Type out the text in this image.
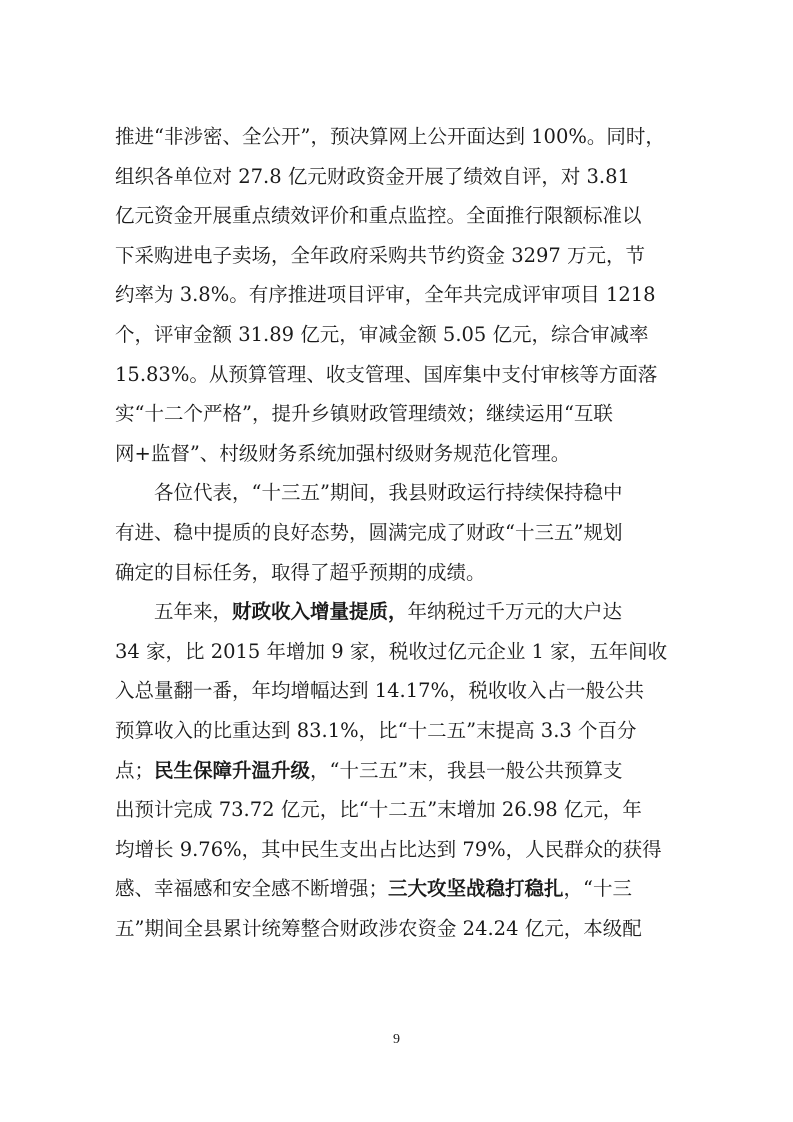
推进“非涉密、全公开”，预决算网上公开面达到 100%。同时，
组织各单位对 27.8 亿元财政资金开展了绩效自评，对 3.81
亿元资金开展重点绩效评价和重点监控。全面推行限额标准以
下采购进电子卖场，全年政府采购共节约资金 3297 万元，节
约率为 3.8%。有序推进项目评审，全年共完成评审项目 1218
个，评审金额 31.89 亿元，审减金额 5.05 亿元，综合审减率
15.83%。从预算管理、收支管理、国库集中支付审核等方面落
实“十二个严格”，提升乡镇财政管理绩效；继续运用“互联
网+监督”、村级财务系统加强村级财务规范化管理。
各位代表，“十三五”期间，我县财政运行持续保持稳中
有进、稳中提质的良好态势，圆满完成了财政“十三五”规划
确定的目标任务，取得了超乎预期的成绩。
五年来，财政收入增量提质，年纳税过千万元的大户达
34 家，比 2015 年增加 9 家，税收过亿元企业 1 家，五年间收
入总量翻一番，年均增幅达到 14.17%，税收收入占一般公共
预算收入的比重达到 83.1%，比“十二五”末提高 3.3 个百分
点；民生保障升温升级，“十三五”末，我县一般公共预算支
出预计完成 73.72 亿元，比“十二五”末增加 26.98 亿元，年
均增长 9.76%，其中民生支出占比达到 79%，人民群众的获得
感、幸福感和安全感不断增强；三大攻坚战稳打稳扎，“十三
五”期间全县累计统筹整合财政涉农资金 24.24 亿元，本级配
9
